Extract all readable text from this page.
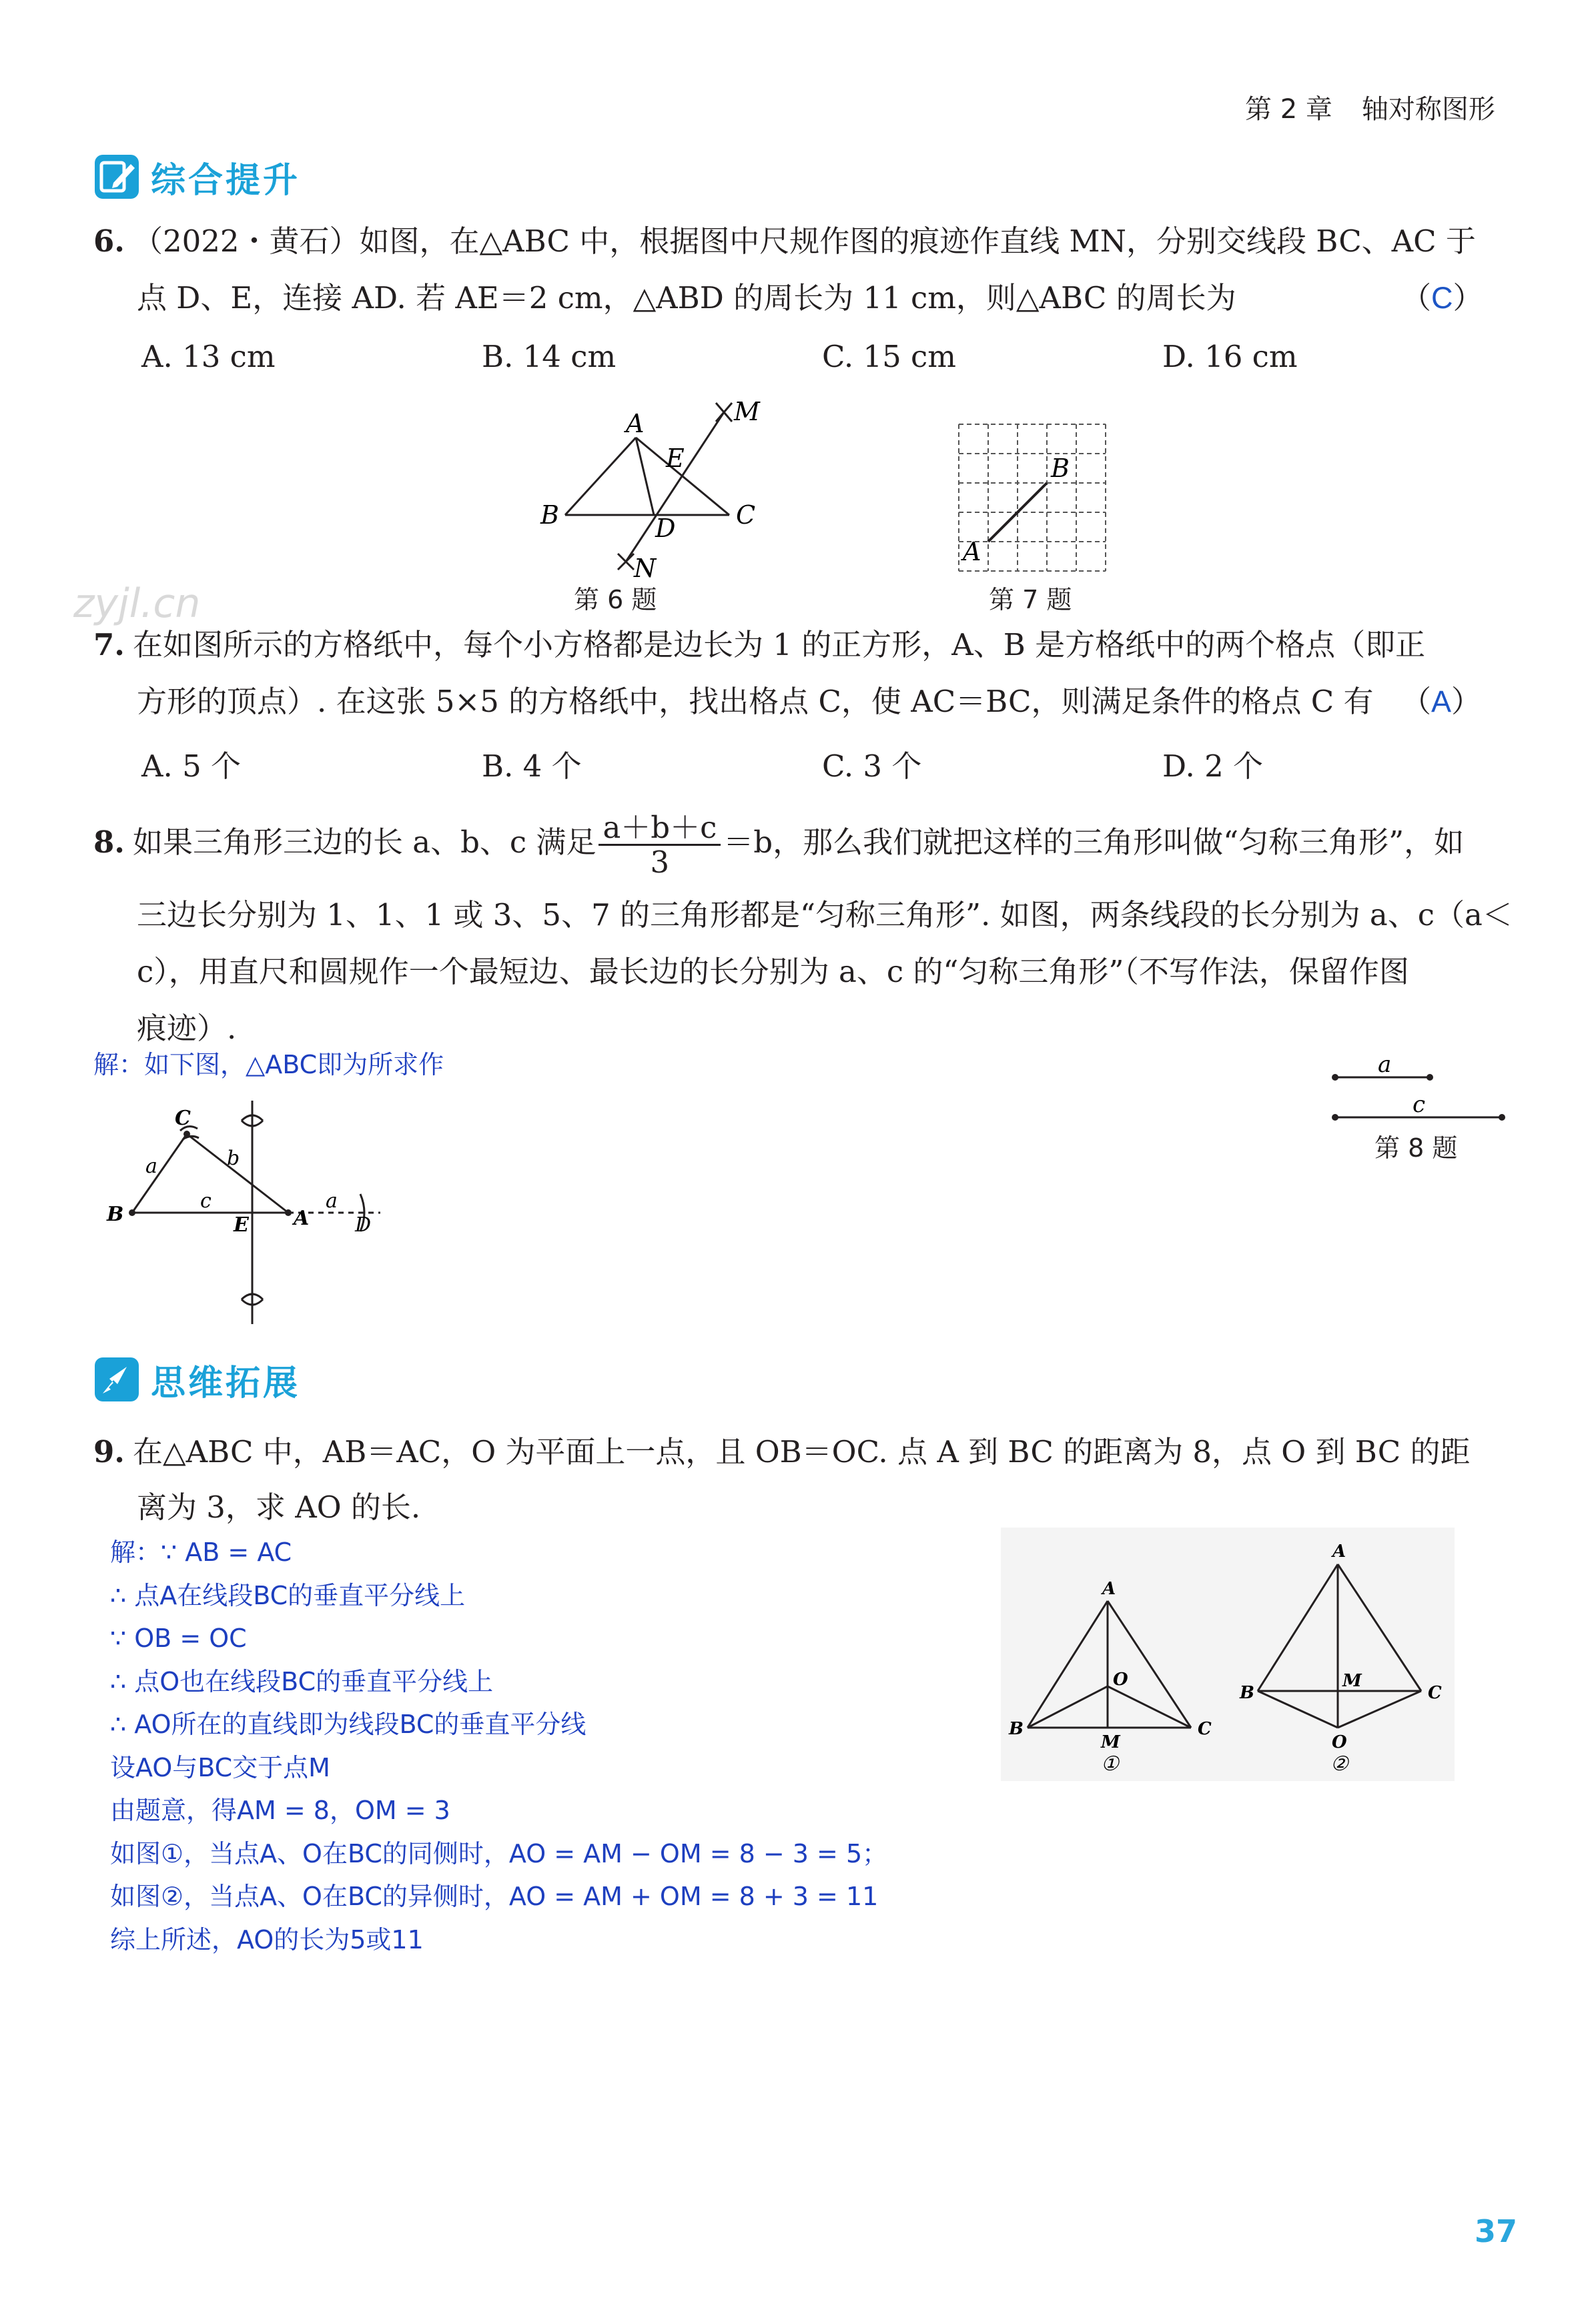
第 2 章 轴对称图形
综合提升
6. （2022・黄石）如图，在△ABC 中，根据图中尺规作图的痕迹作直线 MN，分别交线段 BC、AC 于
点 D、E，连接 AD. 若 AE＝2 cm，△ABD 的周长为 11 cm，则△ABC 的周长为	（C）
A. 13 cm	B. 14 cm	C. 15 cm	D. 16 cm
A
B	C
D
E
M
N
第 6 题
A
B
第 7 题
zyjl.cn
7. 在如图所示的方格纸中，每个小方格都是边长为 1 的正方形，A、B 是方格纸中的两个格点（即正
方形的顶点）. 在这张 5×5 的方格纸中，找出格点 C，使 AC＝BC，则满足条件的格点 C 有 （A）
A. 5 个	B. 4 个	C. 3 个	D. 2 个
8. 如果三角形三边的长 a、b、c 满足 $\frac{a+b+c}{3} =b$，那么我们就把这样的三角形叫做“匀称三角形”，如
三边长分别为 1、1、1 或 3、5、7 的三角形都是“匀称三角形”. 如图，两条线段的长分别为 a、c（a＜
c），用直尺和圆规作一个最短边、最长边的长分别为 a、c 的“匀称三角形”（不写作法，保留作图
痕迹）.
解：如下图，△ABC即为所求作	a
c
第 8 题
B	A
C
E	D
a	b
c	a
思维拓展
9. 在△ABC 中，AB＝AC，O 为平面上一点，且 OB＝OC. 点 A 到 BC 的距离为 8，点 O 到 BC 的距
离为 3，求 AO 的长.
解：∵ AB = AC
∴ 点A在线段BC的垂直平分线上
∵ OB = OC
∴ 点O也在线段BC的垂直平分线上
∴ AO所在的直线即为线段BC的垂直平分线
设AO与BC交于点M
由题意，得AM = 8，OM = 3
如图①，当点A、O在BC的同侧时，AO = AM − OM = 8 − 3 = 5；
如图②，当点A、O在BC的异侧时，AO = AM + OM = 8 + 3 = 11
综上所述，AO的长为5或11
A
O
B	C
M
A
B	C
M
O
①	②
37
